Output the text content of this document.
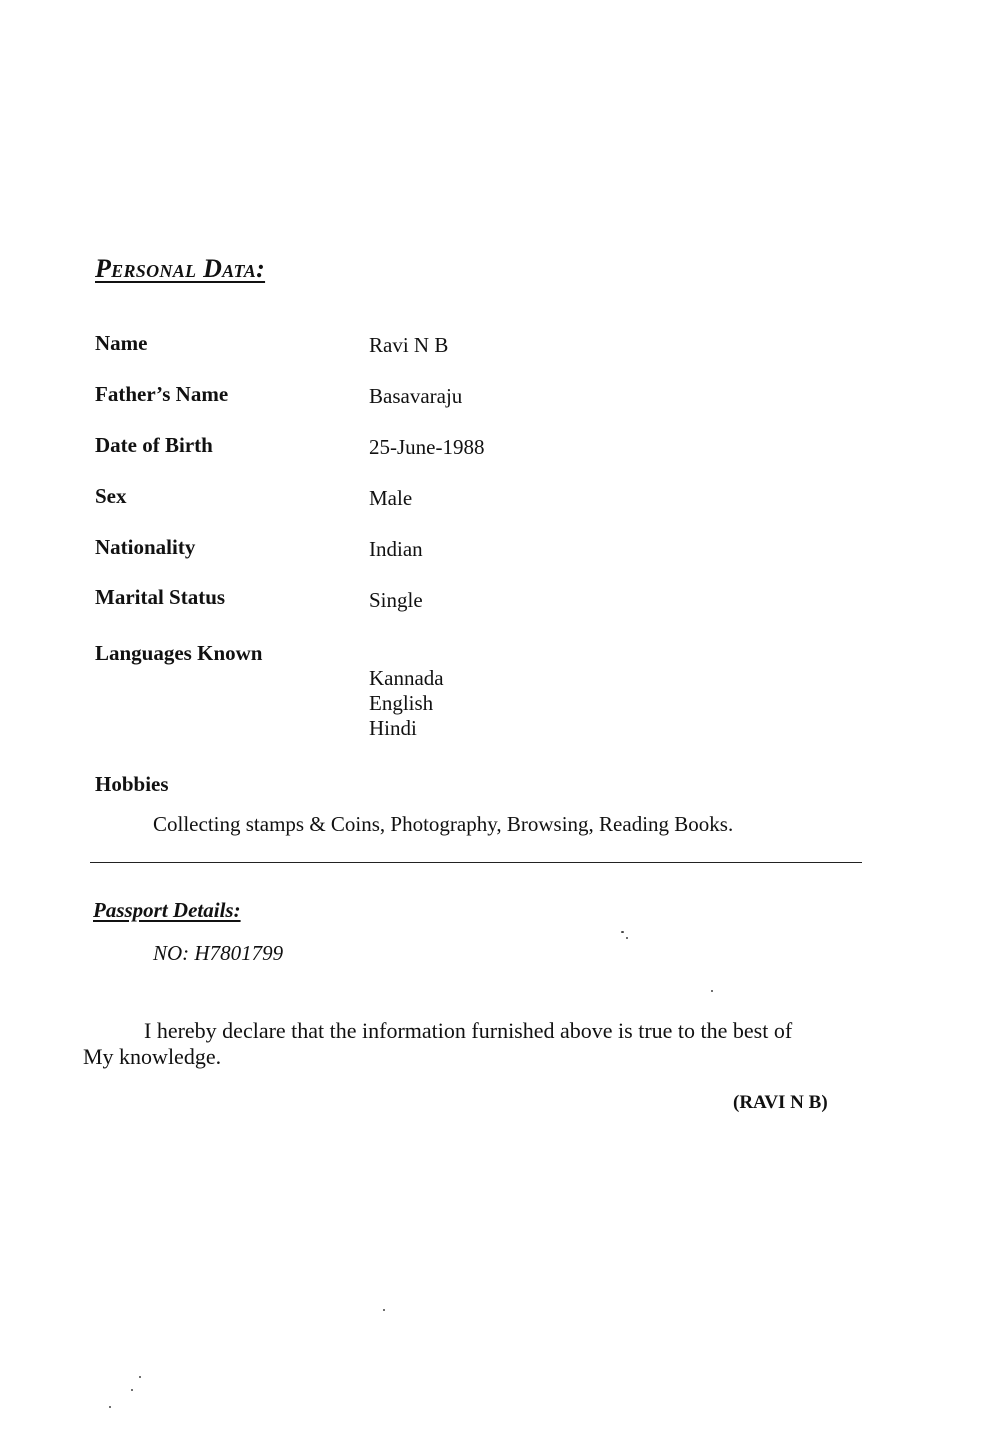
Personal Data:
Name	Ravi N B
Father’s Name	Basavaraju
Date of Birth	25-June-1988
Sex	Male
Nationality	Indian
Marital Status	Single
Languages Known
Kannada
English
Hindi
Hobbies
Collecting stamps & Coins, Photography, Browsing, Reading Books.
Passport Details:
NO: H7801799
I hereby declare that the information furnished above is true to the best of
My knowledge.
(RAVI N B)
